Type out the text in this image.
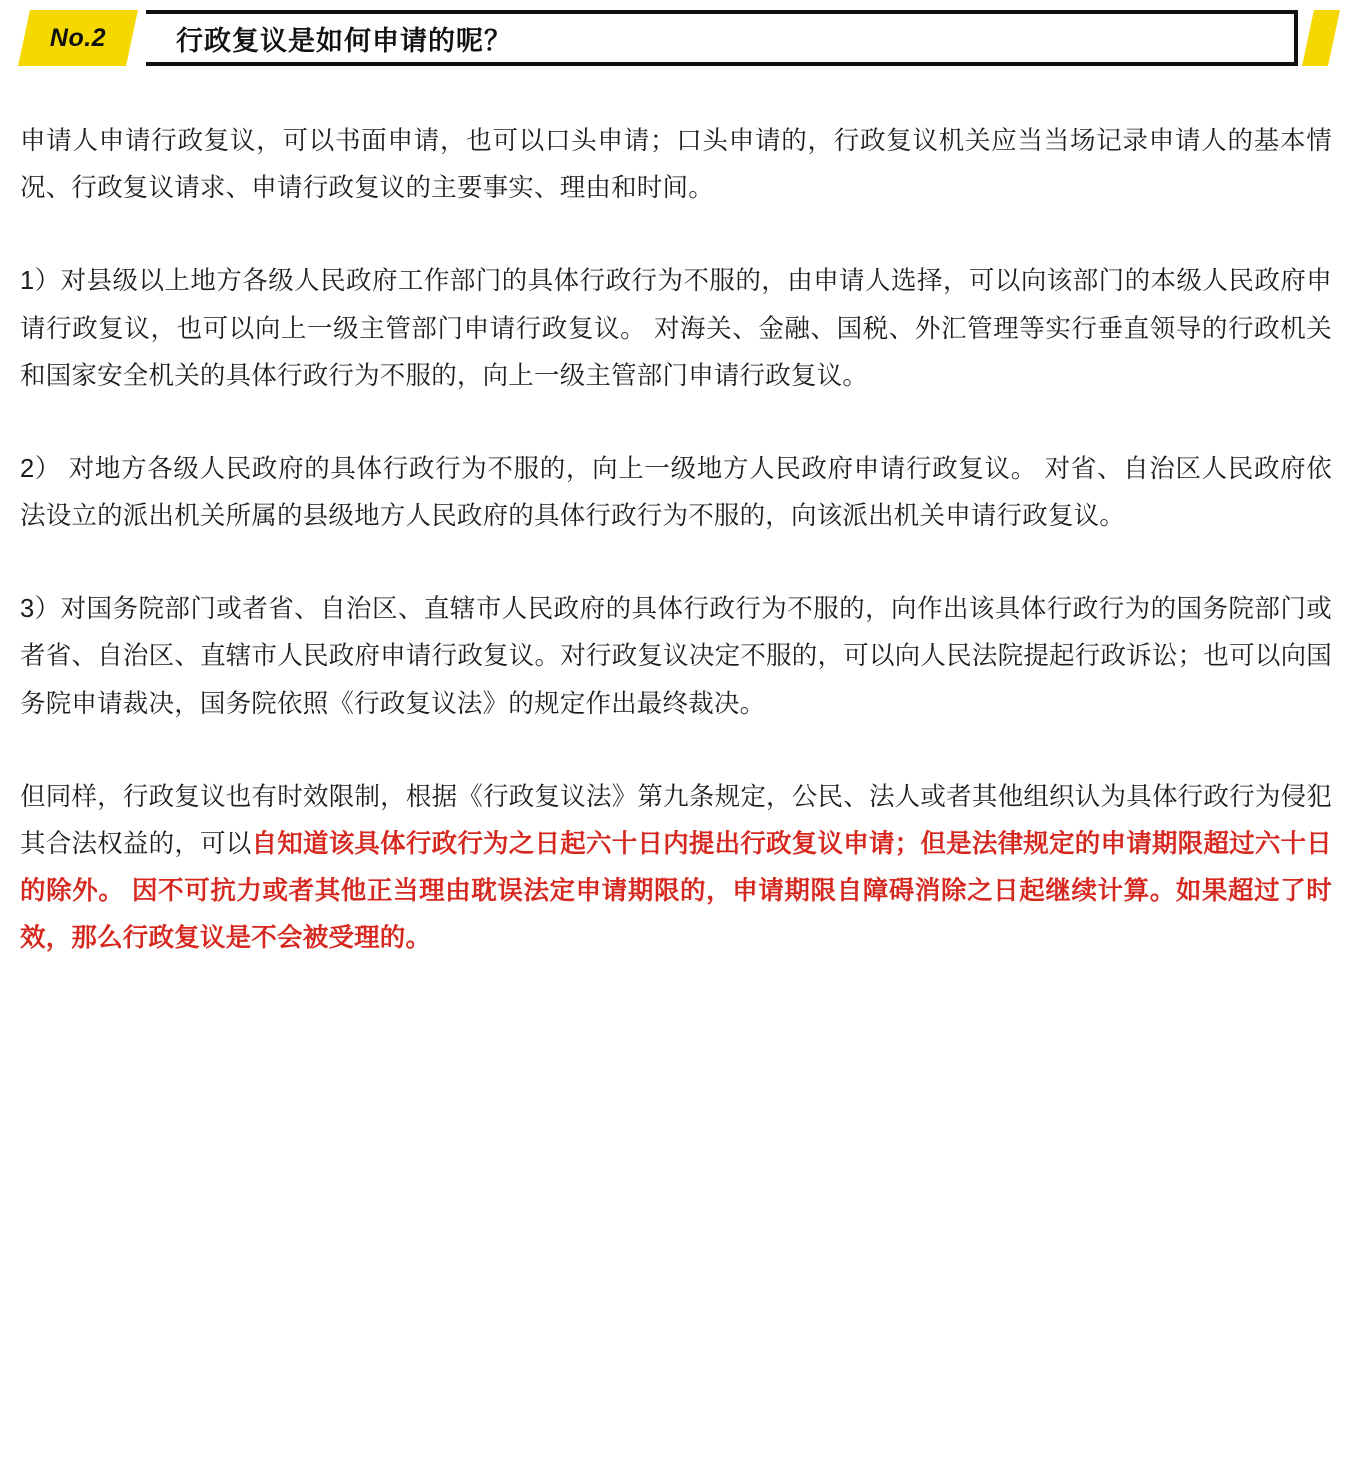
No.2	行政复议是如何申请的呢？

申请人申请行政复议，可以书面申请，也可以口头申请；口头申请的，行政复议机关应当当场记录申请人的基本情况、行政复议请求、申请行政复议的主要事实、理由和时间。

1）对县级以上地方各级人民政府工作部门的具体行政行为不服的，由申请人选择，可以向该部门的本级人民政府申请行政复议，也可以向上一级主管部门申请行政复议。 对海关、金融、国税、外汇管理等实行垂直领导的行政机关和国家安全机关的具体行政行为不服的，向上一级主管部门申请行政复议。

2） 对地方各级人民政府的具体行政行为不服的，向上一级地方人民政府申请行政复议。 对省、自治区人民政府依法设立的派出机关所属的县级地方人民政府的具体行政行为不服的，向该派出机关申请行政复议。

3）对国务院部门或者省、自治区、直辖市人民政府的具体行政行为不服的，向作出该具体行政行为的国务院部门或者省、自治区、直辖市人民政府申请行政复议。对行政复议决定不服的，可以向人民法院提起行政诉讼；也可以向国务院申请裁决，国务院依照《行政复议法》的规定作出最终裁决。

但同样，行政复议也有时效限制，根据《行政复议法》第九条规定，公民、法人或者其他组织认为具体行政行为侵犯其合法权益的，可以自知道该具体行政行为之日起六十日内提出行政复议申请；但是法律规定的申请期限超过六十日的除外。 因不可抗力或者其他正当理由耽误法定申请期限的，申请期限自障碍消除之日起继续计算。如果超过了时效，那么行政复议是不会被受理的。
